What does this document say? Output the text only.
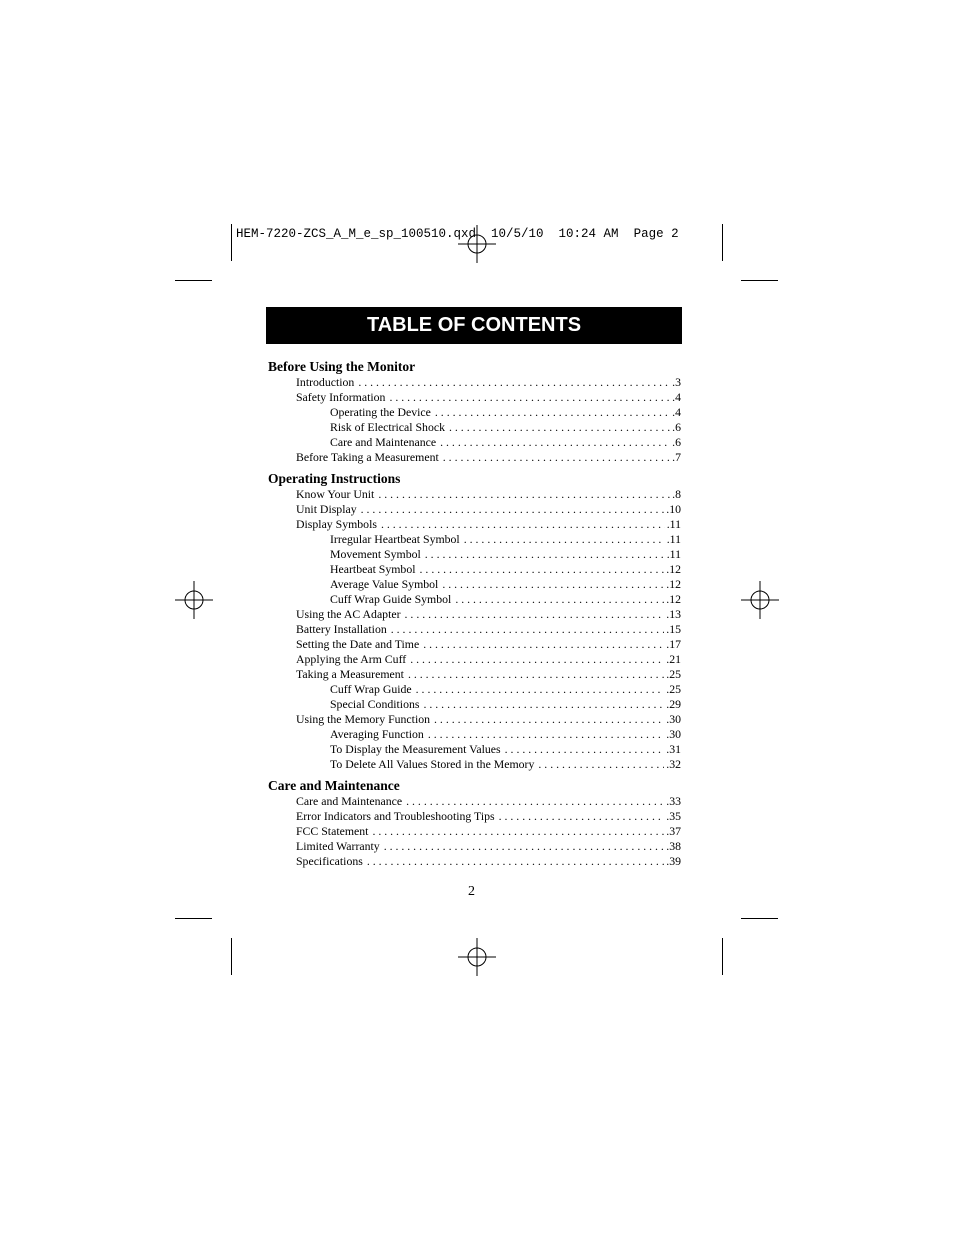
HEM-7220-ZCS_A_M_e_sp_100510.qxd  10/5/10  10:24 AM  Page 2
TABLE OF CONTENTS
Before Using the Monitor
Introduction . . .	.3
Safety Information . . .	.4
Operating the Device . . .	.4
Risk of Electrical Shock . . .	.6
Care and Maintenance . . .	.6
Before Taking a Measurement . . .	.7
Operating Instructions
Know Your Unit . . .	.8
Unit Display . . .	.10
Display Symbols . . .	.11
Irregular Heartbeat Symbol . . .	.11
Movement Symbol . . .	.11
Heartbeat Symbol . . .	.12
Average Value Symbol . . .	.12
Cuff Wrap Guide Symbol . . .	.12
Using the AC Adapter . . .	.13
Battery Installation . . .	.15
Setting the Date and Time . . .	.17
Applying the Arm Cuff . . .	.21
Taking a Measurement . . .	.25
Cuff Wrap Guide . . .	.25
Special Conditions . . .	.29
Using the Memory Function . . .	.30
Averaging Function . . .	.30
To Display the Measurement Values . . .	.31
To Delete All Values Stored in the Memory . . .	.32
Care and Maintenance
Care and Maintenance . . .	.33
Error Indicators and Troubleshooting Tips . . .	.35
FCC Statement . . .	.37
Limited Warranty . . .	.38
Specifications . . .	.39
2
